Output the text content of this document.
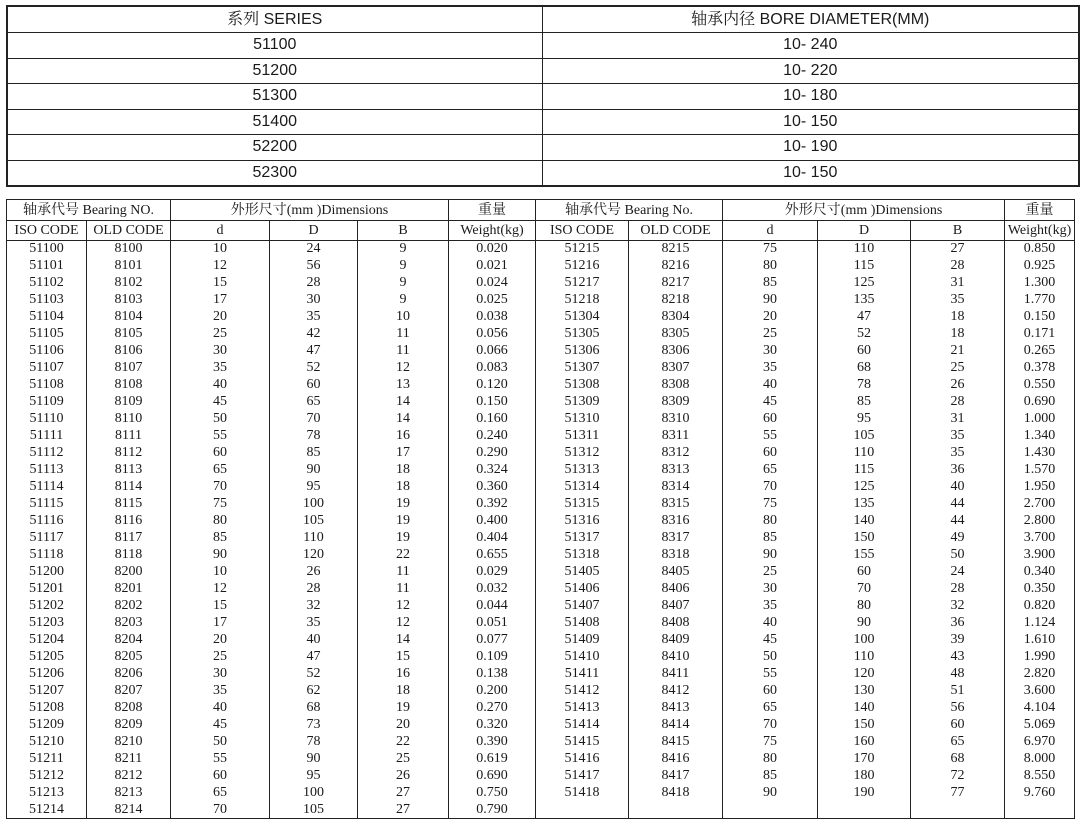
系列 SERIES	轴承内径 BORE DIAMETER(MM)
51100	10- 240
51200	10- 220
51300	10- 180
51400	10- 150
52200	10- 190
52300	10- 150
轴承代号 Bearing NO.		外形尺寸(mm )Dimensions			重量	轴承代号 Bearing No.		外形尺寸(mm )Dimensions			重量
ISO CODE	OLD CODE	d	D	B	Weight(kg)	ISO CODE	OLD CODE	d	D	B	Weight(kg)
51100	8100	10	24	9	0.020	51215	8215	75	110	27	0.850
51101	8101	12	56	9	0.021	51216	8216	80	115	28	0.925
51102	8102	15	28	9	0.024	51217	8217	85	125	31	1.300
51103	8103	17	30	9	0.025	51218	8218	90	135	35	1.770
51104	8104	20	35	10	0.038	51304	8304	20	47	18	0.150
51105	8105	25	42	11	0.056	51305	8305	25	52	18	0.171
51106	8106	30	47	11	0.066	51306	8306	30	60	21	0.265
51107	8107	35	52	12	0.083	51307	8307	35	68	25	0.378
51108	8108	40	60	13	0.120	51308	8308	40	78	26	0.550
51109	8109	45	65	14	0.150	51309	8309	45	85	28	0.690
51110	8110	50	70	14	0.160	51310	8310	60	95	31	1.000
51111	8111	55	78	16	0.240	51311	8311	55	105	35	1.340
51112	8112	60	85	17	0.290	51312	8312	60	110	35	1.430
51113	8113	65	90	18	0.324	51313	8313	65	115	36	1.570
51114	8114	70	95	18	0.360	51314	8314	70	125	40	1.950
51115	8115	75	100	19	0.392	51315	8315	75	135	44	2.700
51116	8116	80	105	19	0.400	51316	8316	80	140	44	2.800
51117	8117	85	110	19	0.404	51317	8317	85	150	49	3.700
51118	8118	90	120	22	0.655	51318	8318	90	155	50	3.900
51200	8200	10	26	11	0.029	51405	8405	25	60	24	0.340
51201	8201	12	28	11	0.032	51406	8406	30	70	28	0.350
51202	8202	15	32	12	0.044	51407	8407	35	80	32	0.820
51203	8203	17	35	12	0.051	51408	8408	40	90	36	1.124
51204	8204	20	40	14	0.077	51409	8409	45	100	39	1.610
51205	8205	25	47	15	0.109	51410	8410	50	110	43	1.990
51206	8206	30	52	16	0.138	51411	8411	55	120	48	2.820
51207	8207	35	62	18	0.200	51412	8412	60	130	51	3.600
51208	8208	40	68	19	0.270	51413	8413	65	140	56	4.104
51209	8209	45	73	20	0.320	51414	8414	70	150	60	5.069
51210	8210	50	78	22	0.390	51415	8415	75	160	65	6.970
51211	8211	55	90	25	0.619	51416	8416	80	170	68	8.000
51212	8212	60	95	26	0.690	51417	8417	85	180	72	8.550
51213	8213	65	100	27	0.750	51418	8418	90	190	77	9.760
51214	8214	70	105	27	0.790						
